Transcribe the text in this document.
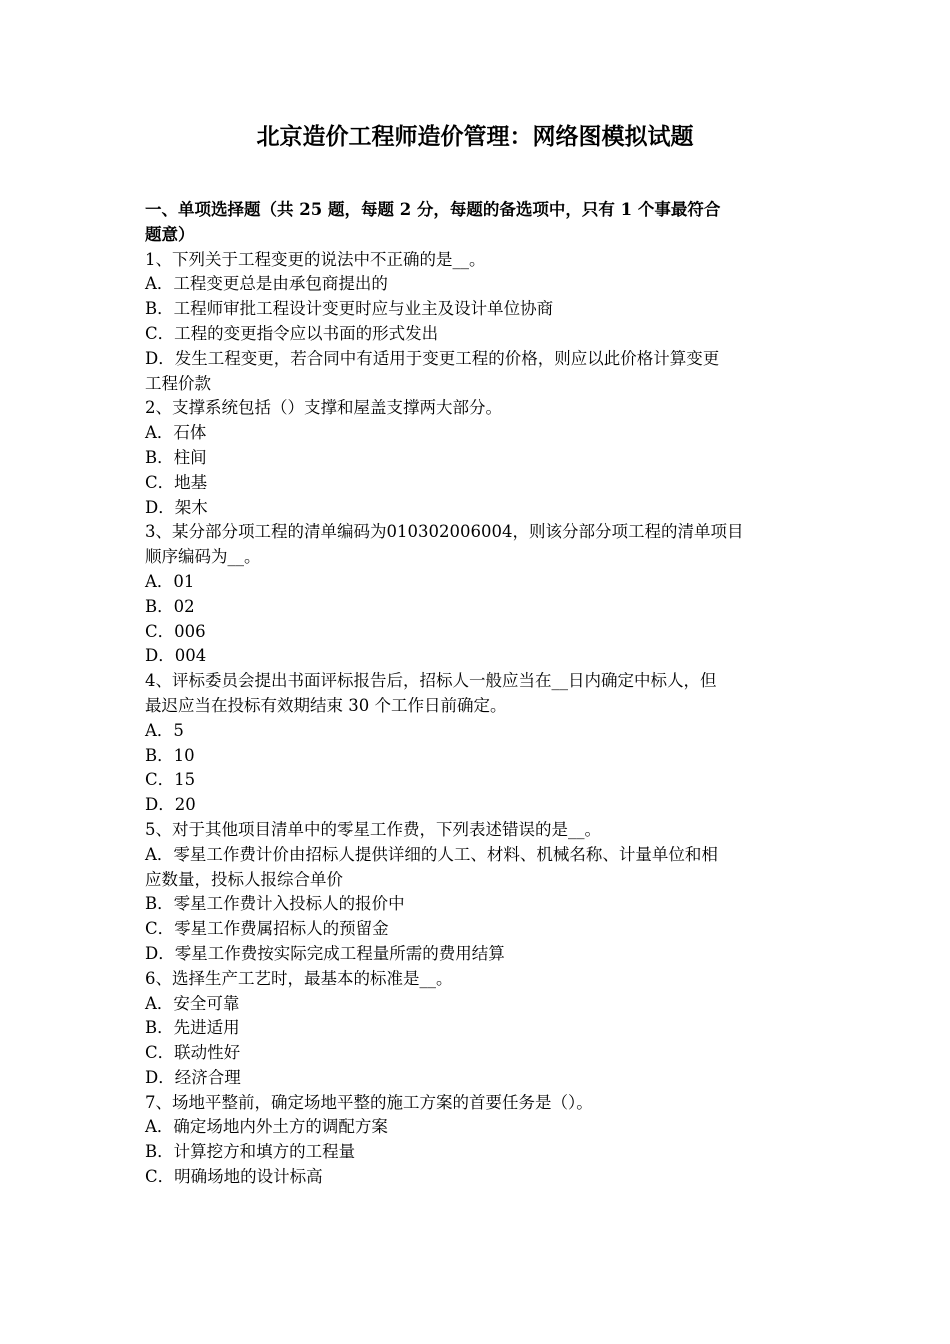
北京造价工程师造价管理：网络图模拟试题

一、单项选择题（共 25 题，每题 2 分，每题的备选项中，只有 1 个事最符合

题意）

1、下列关于工程变更的说法中不正确的是__。

A．工程变更总是由承包商提出的

B．工程师审批工程设计变更时应与业主及设计单位协商

C．工程的变更指令应以书面的形式发出

D．发生工程变更，若合同中有适用于变更工程的价格，则应以此价格计算变更

工程价款

2、支撑系统包括（）支撑和屋盖支撑两大部分。

A．石体

B．柱间

C．地基

D．架木

3、某分部分项工程的清单编码为010302006004，则该分部分项工程的清单项目

顺序编码为__。

A．01

B．02

C．006

D．004

4、评标委员会提出书面评标报告后，招标人一般应当在__日内确定中标人，但

最迟应当在投标有效期结束 30 个工作日前确定。

A．5

B．10

C．15

D．20

5、对于其他项目清单中的零星工作费，下列表述错误的是__。

A．零星工作费计价由招标人提供详细的人工、材料、机械名称、计量单位和相

应数量，投标人报综合单价

B．零星工作费计入投标人的报价中

C．零星工作费属招标人的预留金

D．零星工作费按实际完成工程量所需的费用结算

6、选择生产工艺时，最基本的标准是__。

A．安全可靠

B．先进适用

C．联动性好

D．经济合理

7、场地平整前，确定场地平整的施工方案的首要任务是（）。

A．确定场地内外土方的调配方案

B．计算挖方和填方的工程量

C．明确场地的设计标高
